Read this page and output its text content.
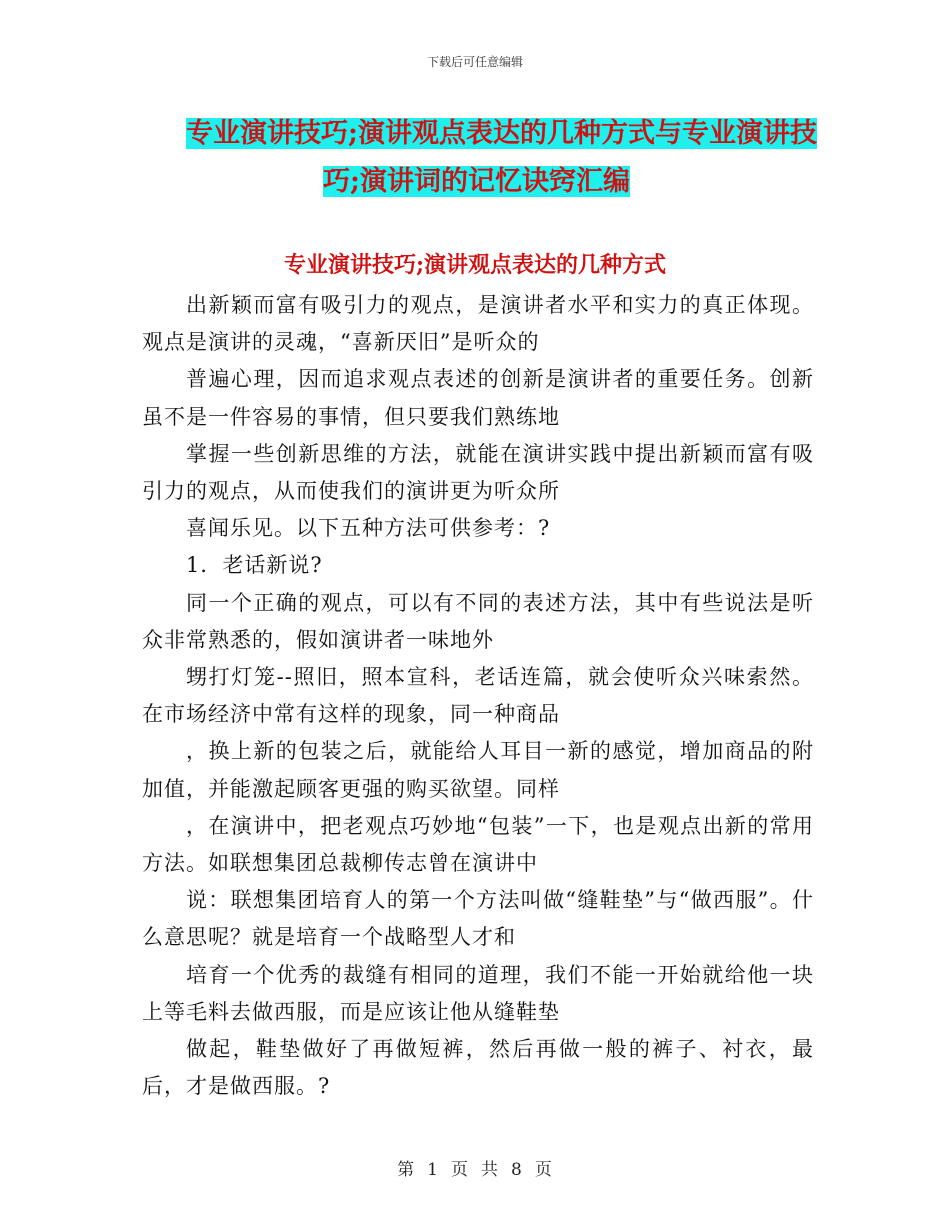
下载后可任意编辑
专业演讲技巧;演讲观点表达的几种方式与专业演讲技
巧;演讲词的记忆诀窍汇编
专业演讲技巧;演讲观点表达的几种方式

出新颖而富有吸引力的观点，是演讲者水平和实力的真正体现。观点是演讲的灵魂，“喜新厌旧”是听众的

普遍心理，因而追求观点表述的创新是演讲者的重要任务。创新虽不是一件容易的事情，但只要我们熟练地

掌握一些创新思维的方法，就能在演讲实践中提出新颖而富有吸引力的观点，从而使我们的演讲更为听众所

喜闻乐见。以下五种方法可供参考：?

1．老话新说?

同一个正确的观点，可以有不同的表述方法，其中有些说法是听众非常熟悉的，假如演讲者一味地外

甥打灯笼--照旧，照本宣科，老话连篇，就会使听众兴味索然。在市场经济中常有这样的现象，同一种商品

，换上新的包装之后，就能给人耳目一新的感觉，增加商品的附加值，并能激起顾客更强的购买欲望。同样

，在演讲中，把老观点巧妙地“包装”一下，也是观点出新的常用方法。如联想集团总裁柳传志曾在演讲中

说：联想集团培育人的第一个方法叫做“缝鞋垫”与“做西服”。什么意思呢？就是培育一个战略型人才和

培育一个优秀的裁缝有相同的道理，我们不能一开始就给他一块上等毛料去做西服，而是应该让他从缝鞋垫

做起，鞋垫做好了再做短裤，然后再做一般的裤子、衬衣，最后，才是做西服。?

第 1 页 共 8 页
